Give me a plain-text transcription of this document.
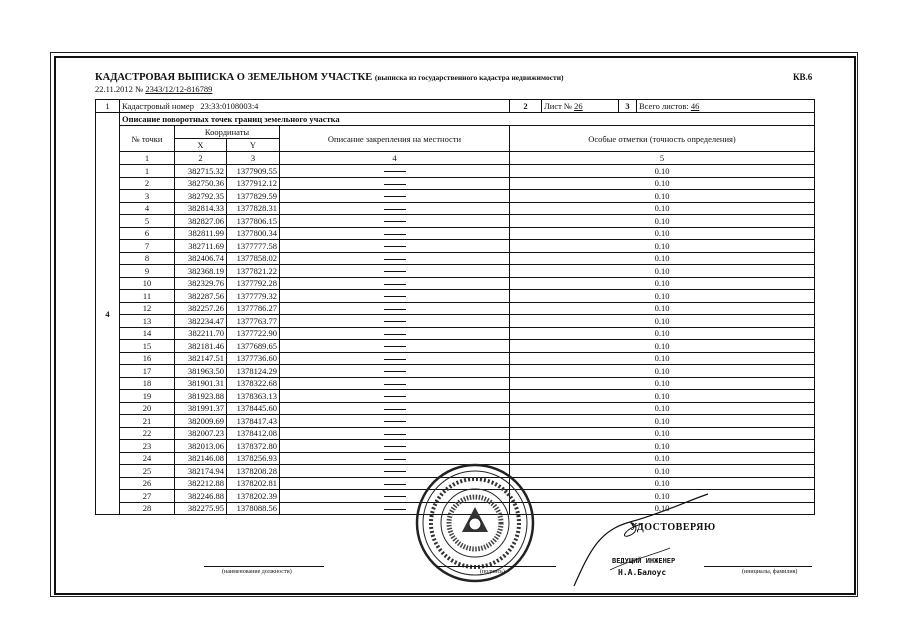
КАДАСТРОВАЯ ВЫПИСКА О ЗЕМЕЛЬНОМ УЧАСТКЕ (выписка из государственного кадастра недвижимости)	КВ.6
22.11.2012 № 2343/12/12-816789
1	Кадастровый номер 23:33:0108003:4				2	Лист № 26	3	Всего листов: 46
4	Описание поворотных точек границ земельного участка							
	№ точки	Координаты		Описание закрепления на местности	Особые отметки (точность определения)			
		X	Y					
	1	2	3	4	5			
	1	382715.32	1377909.55		0.10			
	2	382750.36	1377912.12		0.10			
	3	382792.35	1377829.59		0.10			
	4	382814.33	1377828.31		0.10			
	5	382827.06	1377806.15		0.10			
	6	382811.99	1377800.34		0.10			
	7	382711.69	1377777.58		0.10			
	8	382406.74	1377858.02		0.10			
	9	382368.19	1377821.22		0.10			
	10	382329.76	1377792.28		0.10			
	11	382287.56	1377779.32		0.10			
	12	382257.26	1377786.27		0.10			
	13	382234.47	1377763.77		0.10			
	14	382211.70	1377722.90		0.10			
	15	382181.46	1377689.65		0.10			
	16	382147.51	1377736.60		0.10			
	17	381963.50	1378124.29		0.10			
	18	381901.31	1378322.68		0.10			
	19	381923.88	1378363.13		0.10			
	20	381991.37	1378445.60		0.10			
	21	382009.69	1378417.43		0.10			
	22	382007.23	1378412.08		0.10			
	23	382013.06	1378372.80		0.10			
	24	382146.08	1378256.93		0.10			
	25	382174.94	1378208.28		0.10			
	26	382212.88	1378202.81		0.10			
	27	382246.88	1378202.39		0.10			
	28	382275.95	1378088.56		0.10			
УДОСТОВЕРЯЮ
ВЕДУЩИЙ ИНЖЕНЕР
Н.А.Балоус
(наименование должности)	(подпись)	(инициалы, фамилия)
